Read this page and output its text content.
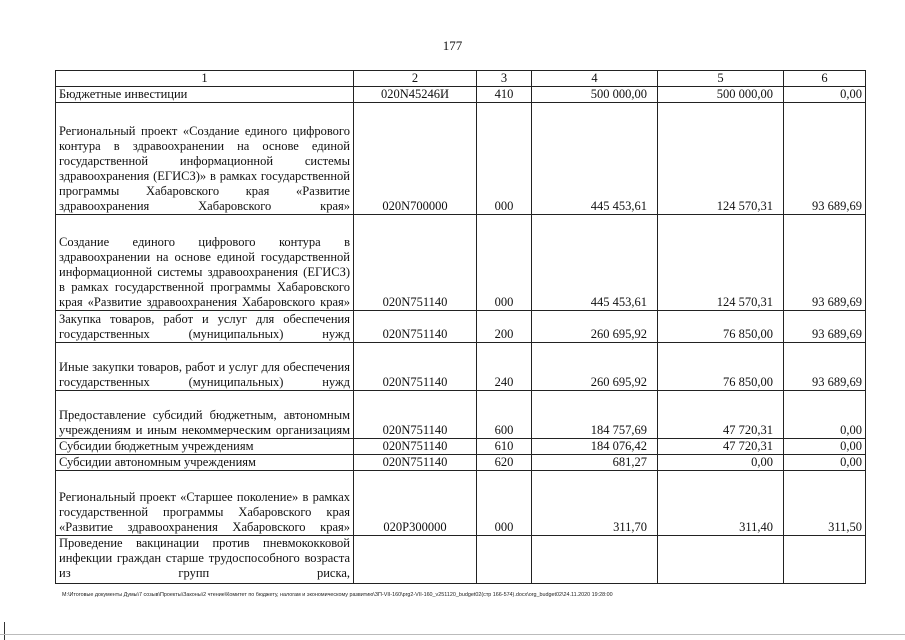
177
1	2	3	4	5	6
Бюджетные инвестиции	020N45246И	410	500 000,00	500 000,00	0,00
Региональный проект «Создание единого цифрового контура в здравоохранении на основе единой государственной информационной системы здравоохранения (ЕГИСЗ)» в рамках государственной программы Хабаровского края «Развитие здравоохранения Хабаровского края»	020N700000	000	445 453,61	124 570,31	93 689,69
Создание единого цифрового контура в здравоохранении на основе единой государственной информационной системы здравоохранения (ЕГИСЗ) в рамках государственной программы Хабаровского края «Развитие здравоохранения Хабаровского края»	020N751140	000	445 453,61	124 570,31	93 689,69
Закупка товаров, работ и услуг для обеспечения государственных (муниципальных) нужд	020N751140	200	260 695,92	76 850,00	93 689,69
Иные закупки товаров, работ и услуг для обеспечения государственных (муниципальных) нужд	020N751140	240	260 695,92	76 850,00	93 689,69
Предоставление субсидий бюджетным, автономным учреждениям и иным некоммерческим организациям	020N751140	600	184 757,69	47 720,31	0,00
Субсидии бюджетным учреждениям	020N751140	610	184 076,42	47 720,31	0,00
Субсидии автономным учреждениям	020N751140	620	681,27	0,00	0,00
Региональный проект «Старшее поколение» в рамках государственной программы Хабаровского края «Развитие здравоохранения Хабаровского края»	020P300000	000	311,70	311,40	311,50
Проведение вакцинации против пневмококковой инфекции граждан старше трудоспособного возраста из групп риска,					
M:\Итоговые документы Думы\7 созыв\Проекты\Законы\2 чтение\Комитет по бюджету, налогам и экономическому развитию\ЗП-VII-160\prg2-VII-160_v251120_budget02(стр 166-574).docx\org_budget02\24.11.2020 19:28:00
